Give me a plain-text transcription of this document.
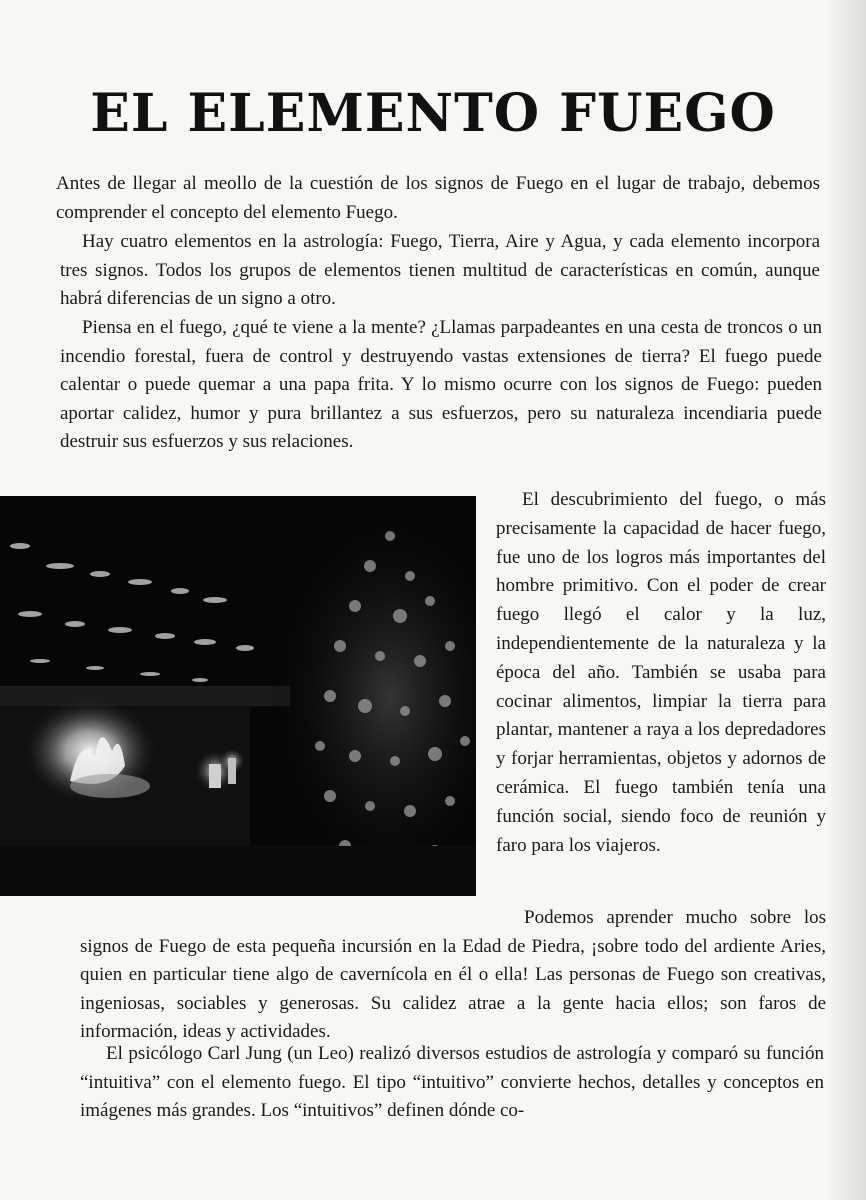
EL ELEMENTO FUEGO

Antes de llegar al meollo de la cuestión de los signos de Fuego en el lugar de trabajo, debemos comprender el concepto del elemento Fuego.

Hay cuatro elementos en la astrología: Fuego, Tierra, Aire y Agua, y cada elemento incorpora tres signos. Todos los grupos de elementos tienen multitud de características en común, aunque habrá diferencias de un signo a otro.

Piensa en el fuego, ¿qué te viene a la mente? ¿Llamas parpadeantes en una cesta de troncos o un incendio forestal, fuera de control y destruyendo vastas extensiones de tierra? El fuego puede calentar o puede quemar a una papa frita. Y lo mismo ocurre con los signos de Fuego: pueden aportar calidez, humor y pura brillantez a sus esfuerzos, pero su naturaleza incendiaria puede destruir sus esfuerzos y sus relaciones.

El descubrimiento del fuego, o más precisamente la capacidad de hacer fuego, fue uno de los logros más importantes del hombre primitivo. Con el poder de crear fuego llegó el calor y la luz, independientemente de la naturaleza y la época del año. También se usaba para cocinar alimentos, limpiar la tierra para plantar, mantener a raya a los depredadores y forjar herramientas, objetos y adornos de cerámica. El fuego también tenía una función social, siendo foco de reunión y faro para los viajeros.

Podemos aprender mucho sobre los signos de Fuego de esta pequeña incursión en la Edad de Piedra, ¡sobre todo del ardiente Aries, quien en particular tiene algo de cavernícola en él o ella! Las personas de Fuego son creativas, ingeniosas, sociables y generosas. Su calidez atrae a la gente hacia ellos; son faros de información, ideas y actividades.

El psicólogo Carl Jung (un Leo) realizó diversos estudios de astrología y comparó su función “intuitiva” con el elemento fuego. El tipo “intuitivo” convierte hechos, detalles y conceptos en imágenes más grandes. Los “intuitivos” definen dónde co-
